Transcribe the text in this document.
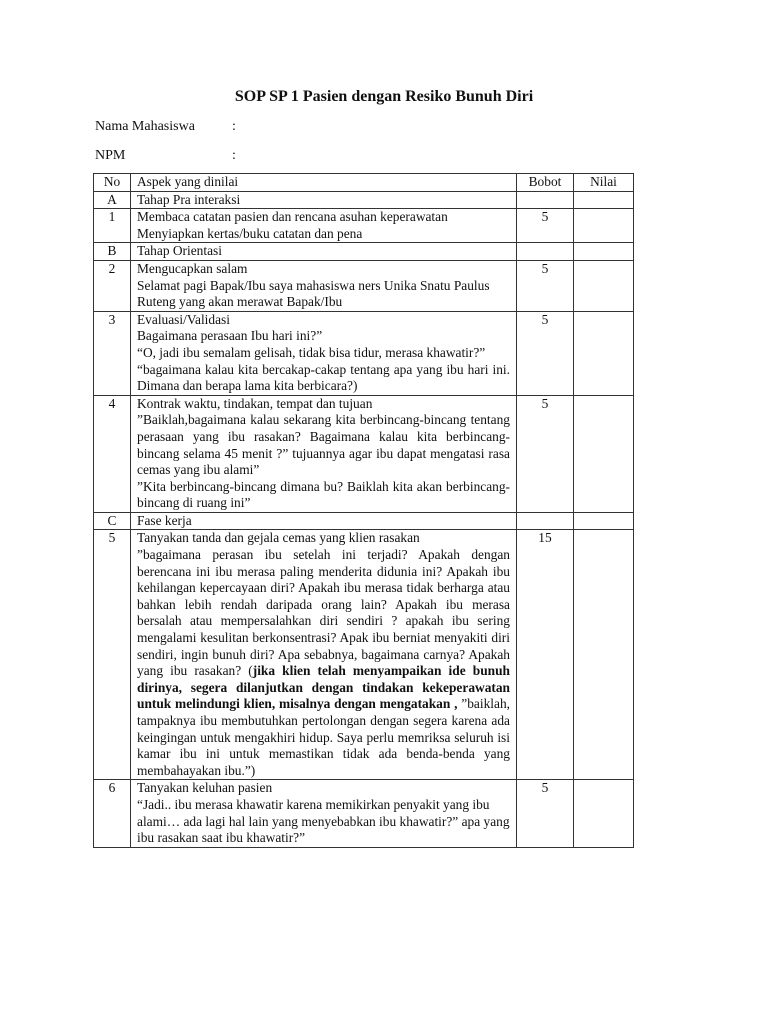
SOP SP 1 Pasien dengan Resiko Bunuh Diri
Nama Mahasiswa	:
NPM	:
No	Aspek yang dinilai	Bobot	Nilai
A	Tahap Pra interaksi		

1	Membaca catatan pasien dan rencana asuhan keperawatan
Menyiapkan kertas/buku catatan dan pena	5	
B	Tahap Orientasi		

2	Mengucapkan salam
Selamat pagi Bapak/Ibu saya mahasiswa ners Unika Snatu Paulus Ruteng yang akan merawat Bapak/Ibu	5	
3	Evaluasi/Validasi
Bagaimana perasaan Ibu hari ini?”
“O, jadi ibu semalam gelisah, tidak bisa tidur, merasa khawatir?”
“bagaimana kalau kita bercakap-cakap tentang apa yang ibu hari ini. Dimana dan berapa lama kita berbicara?)	5	
4	Kontrak waktu, tindakan, tempat dan tujuan
”Baiklah,bagaimana kalau sekarang kita berbincang-bincang tentang perasaan yang ibu rasakan? Bagaimana kalau kita berbincang-bincang selama 45 menit ?” tujuannya agar ibu dapat mengatasi rasa cemas yang ibu alami”
”Kita berbincang-bincang dimana bu? Baiklah kita akan berbincang-bincang di ruang ini”	5	
C	Fase kerja		

5	Tanyakan tanda dan gejala cemas yang klien rasakan
”bagaimana perasan ibu setelah ini terjadi? Apakah dengan berencana ini ibu merasa paling menderita didunia ini? Apakah ibu kehilangan kepercayaan diri? Apakah ibu merasa tidak berharga atau bahkan lebih rendah daripada orang lain? Apakah ibu merasa bersalah atau mempersalahkan diri sendiri ? apakah ibu sering mengalami kesulitan berkonsentrasi? Apak ibu berniat menyakiti diri sendiri, ingin bunuh diri? Apa sebabnya, bagaimana carnya? Apakah yang ibu rasakan? (jika klien telah menyampaikan ide bunuh dirinya, segera dilanjutkan dengan tindakan kekeperawatan untuk melindungi klien, misalnya dengan mengatakan , ”baiklah, tampaknya ibu membutuhkan pertolongan dengan segera karena ada keingingan untuk mengakhiri hidup. Saya perlu memriksa seluruh isi kamar ibu ini untuk memastikan tidak ada benda-benda yang membahayakan ibu.”)	15	
6	Tanyakan keluhan pasien
“Jadi.. ibu merasa khawatir karena memikirkan penyakit yang ibu alami… ada lagi hal lain yang menyebabkan ibu khawatir?” apa yang ibu rasakan saat ibu khawatir?”	5	
